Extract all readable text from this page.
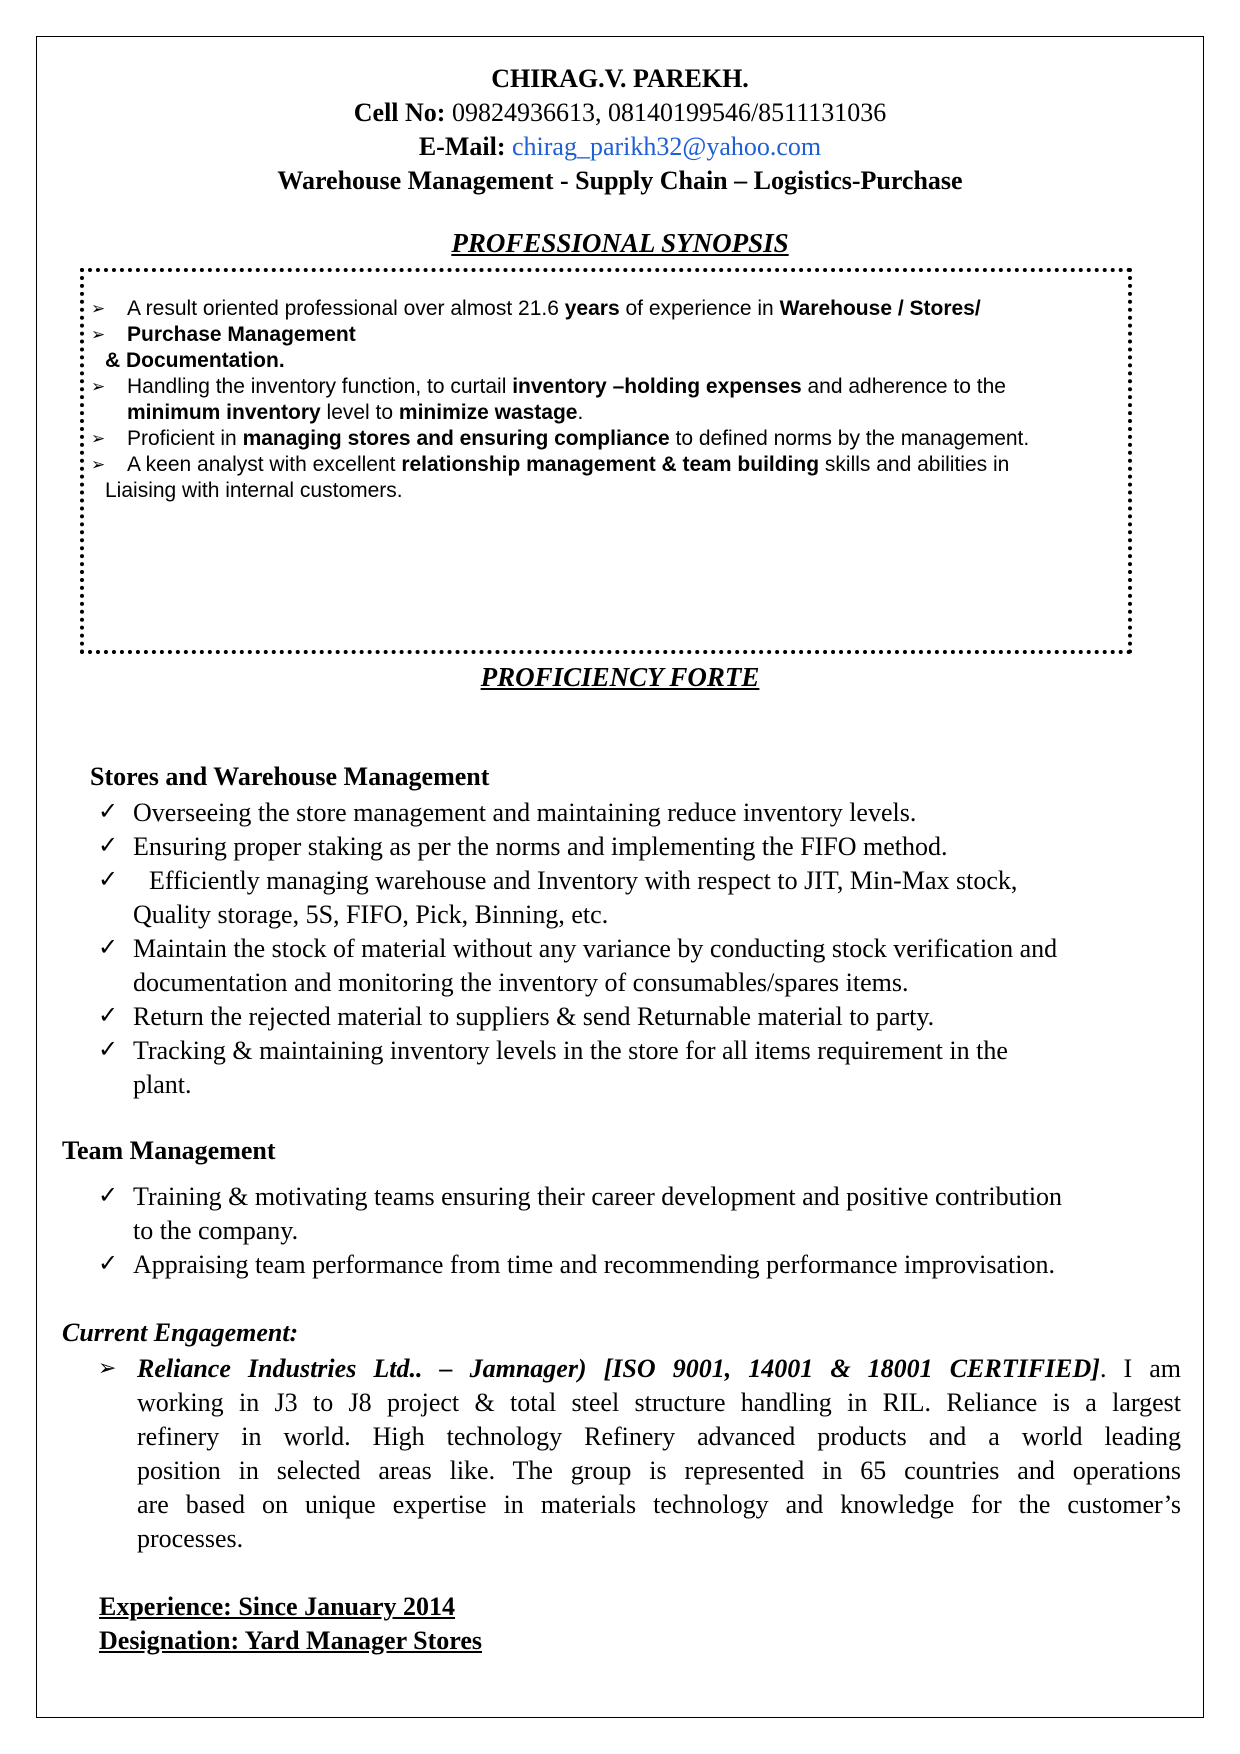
CHIRAG.V. PAREKH.
Cell No: 09824936613, 08140199546/8511131036
E-Mail: chirag_parikh32@yahoo.com
Warehouse Management - Supply Chain – Logistics-Purchase
PROFESSIONAL SYNOPSIS
➢ A result oriented professional over almost 21.6 years of experience in Warehouse / Stores/
➢ Purchase Management
& Documentation.
➢ Handling the inventory function, to curtail inventory –holding expenses and adherence to the
minimum inventory level to minimize wastage.
➢ Proficient in managing stores and ensuring compliance to defined norms by the management.
➢ A keen analyst with excellent relationship management & team building skills and abilities in
Liaising with internal customers.
PROFICIENCY FORTE
Stores and Warehouse Management
✓ Overseeing the store management and maintaining reduce inventory levels.
✓ Ensuring proper staking as per the norms and implementing the FIFO method.
✓ Efficiently managing warehouse and Inventory with respect to JIT, Min-Max stock,
Quality storage, 5S, FIFO, Pick, Binning, etc.
✓ Maintain the stock of material without any variance by conducting stock verification and
documentation and monitoring the inventory of consumables/spares items.
✓ Return the rejected material to suppliers & send Returnable material to party.
✓ Tracking & maintaining inventory levels in the store for all items requirement in the
plant.
Team Management
✓ Training & motivating teams ensuring their career development and positive contribution
to the company.
✓ Appraising team performance from time and recommending performance improvisation.
Current Engagement:
➢ Reliance Industries Ltd.. – Jamnager) [ISO 9001, 14001 & 18001 CERTIFIED]. I am
working in J3 to J8 project & total steel structure handling in RIL. Reliance is a largest
refinery in world. High technology Refinery advanced products and a world leading
position in selected areas like. The group is represented in 65 countries and operations
are based on unique expertise in materials technology and knowledge for the customer’s
processes.
Experience: Since January 2014
Designation: Yard Manager Stores
